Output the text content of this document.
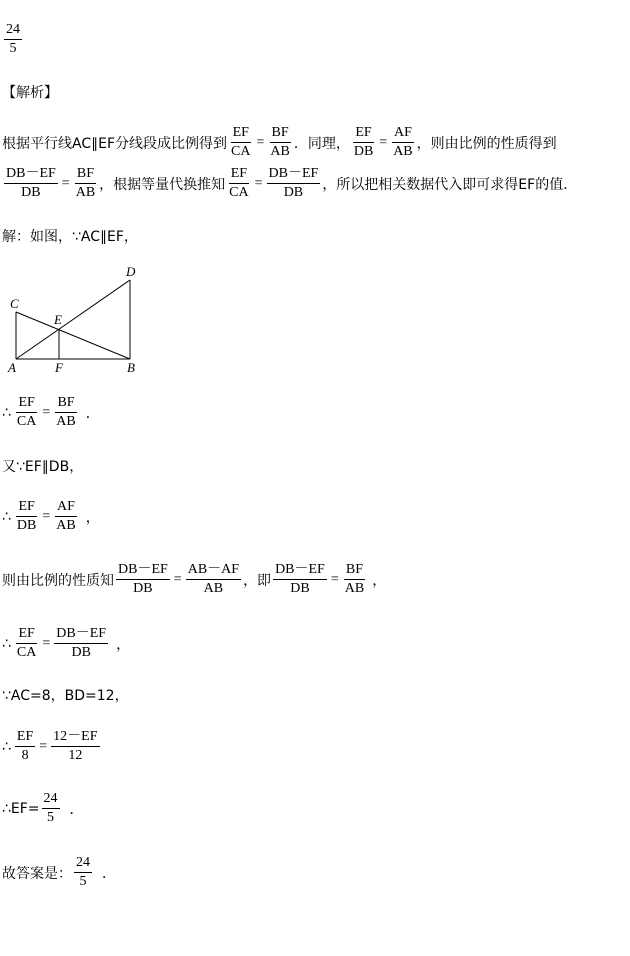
$\frac{24}{5}$
【解析】
根据平行线AC∥EF分线段成比例得到 $\frac{EF}{CA} = \frac{BF}{AB}$ ．同理， $\frac{EF}{DB} = \frac{AF}{AB}$ ，则由比例的性质得到
$\frac{DB-EF}{DB} = \frac{BF}{AB}$ ，根据等量代换推知 $\frac{EF}{CA} = \frac{DB-EF}{DB}$ ，所以把相关数据代入即可求得EF的值．
解：如图，∵AC∥EF，
C
D
E
A	F	B
∴ $\frac{EF}{CA} = \frac{BF}{AB}$ ．
又∵EF∥DB，
∴ $\frac{EF}{DB} = \frac{AF}{AB}$ ，
则由比例的性质知 $\frac{DB-EF}{DB} = \frac{AB-AF}{AB}$ ，即 $\frac{DB-EF}{DB} = \frac{BF}{AB}$ ，
∴ $\frac{EF}{CA} = \frac{DB-EF}{DB}$ ，
∵AC=8，BD=12，
∴ $\frac{EF}{8} = \frac{12-EF}{12}$
∴EF= $\frac{24}{5}$ ．
故答案是： $\frac{24}{5}$ ．
